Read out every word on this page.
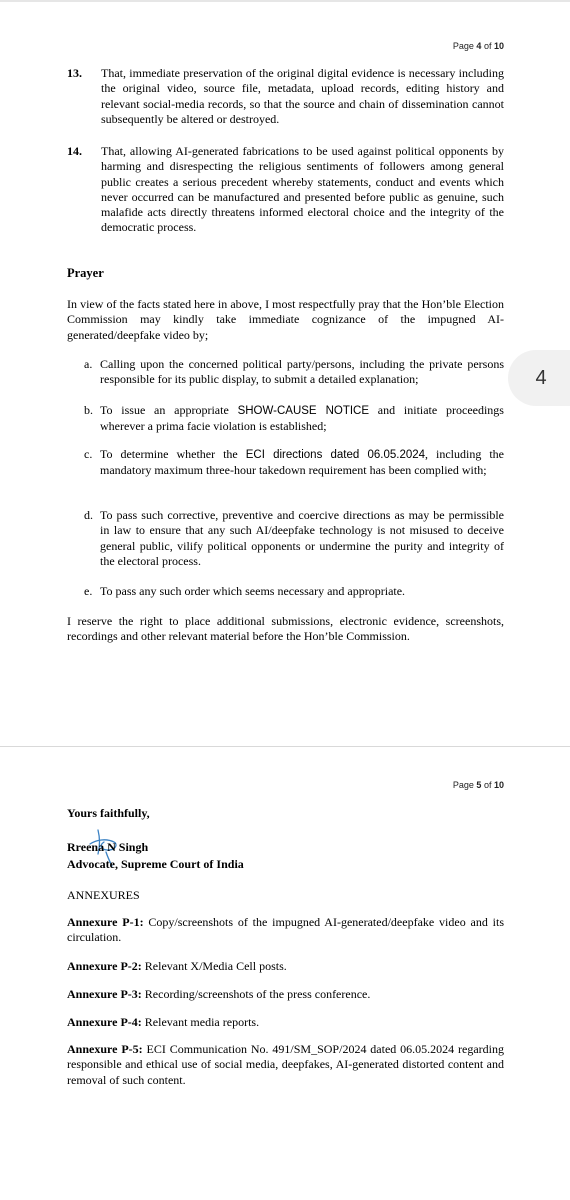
Page 4 of 10
13. That, immediate preservation of the original digital evidence is necessary including the original video, source file, metadata, upload records, editing history and relevant social-media records, so that the source and chain of dissemination cannot subsequently be altered or destroyed.
14. That, allowing AI-generated fabrications to be used against political opponents by harming and disrespecting the religious sentiments of followers among general public creates a serious precedent whereby statements, conduct and events which never occurred can be manufactured and presented before public as genuine, such malafide acts directly threatens informed electoral choice and the integrity of the democratic process.
Prayer
In view of the facts stated here in above, I most respectfully pray that the Hon’ble Election Commission may kindly take immediate cognizance of the impugned AI-generated/deepfake video by;
a. Calling upon the concerned political party/persons, including the private persons responsible for its public display, to submit a detailed explanation;
b. To issue an appropriate SHOW-CAUSE NOTICE and initiate proceedings wherever a prima facie violation is established;
c. To determine whether the ECI directions dated 06.05.2024, including the mandatory maximum three-hour takedown requirement has been complied with;
d. To pass such corrective, preventive and coercive directions as may be permissible in law to ensure that any such AI/deepfake technology is not misused to deceive general public, vilify political opponents or undermine the purity and integrity of the electoral process.
e. To pass any such order which seems necessary and appropriate.
I reserve the right to place additional submissions, electronic evidence, screenshots, recordings and other relevant material before the Hon’ble Commission.
4
Page 5 of 10
Yours faithfully,
Rreena N Singh
Advocate, Supreme Court of India
ANNEXURES
Annexure P-1: Copy/screenshots of the impugned AI-generated/deepfake video and its circulation.
Annexure P-2: Relevant X/Media Cell posts.
Annexure P-3: Recording/screenshots of the press conference.
Annexure P-4: Relevant media reports.
Annexure P-5: ECI Communication No. 491/SM_SOP/2024 dated 06.05.2024 regarding responsible and ethical use of social media, deepfakes, AI-generated distorted content and removal of such content.
